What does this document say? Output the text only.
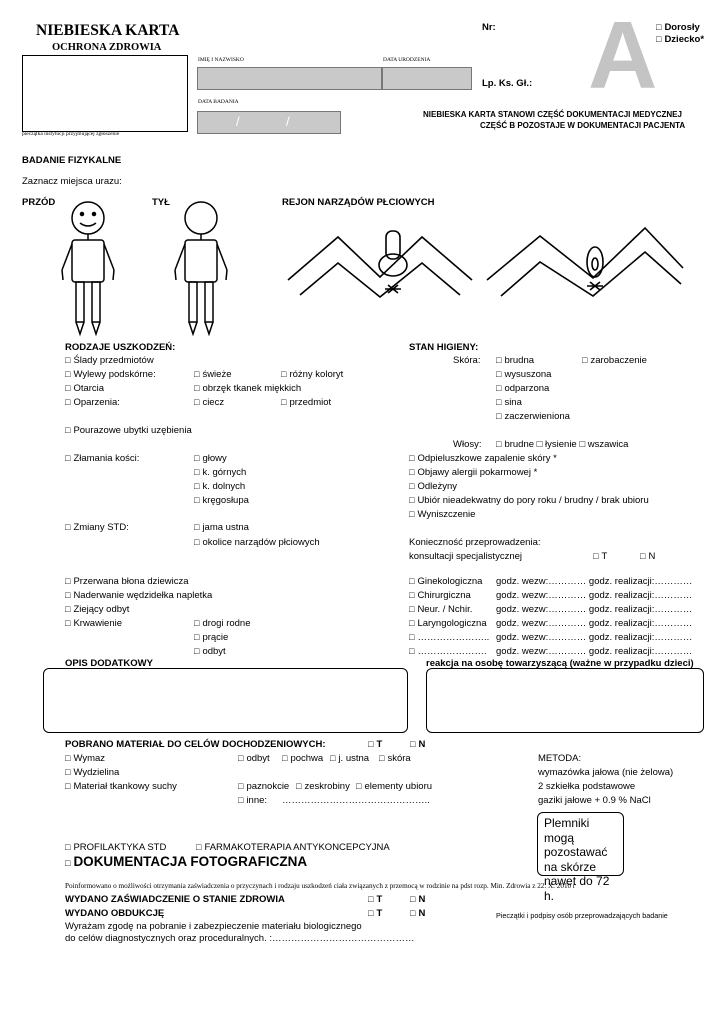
NIEBIESKA KARTA
OCHRONA ZDROWIA
pieczątka instytucji przyjmującej zgłoszenie
IMIĘ I NAZWISKO	DATA URODZENIA
DATA BADANIA
/	/
Nr: A □ Dorosły
□ Dziecko*
Lp. Ks. Gł.:
NIEBIESKA KARTA STANOWI CZĘŚĆ DOKUMENTACJI MEDYCZNEJ
CZĘŚĆ B POZOSTAJE W DOKUMENTACJI PACJENTA
BADANIE FIZYKALNE
Zaznacz miejsca urazu:
PRZÓD	TYŁ	REJON NARZĄDÓW PŁCIOWYCH
RODZAJE USZKODZEŃ:
□ Ślady przedmiotów
□ Wylewy podskórne:	□ świeże	□ różny koloryt
□ Otarcia	□ obrzęk tkanek miękkich
□ Oparzenia:	□ ciecz	□ przedmiot
□ Pourazowe ubytki uzębienia
□ Złamania kości:	□ głowy
□ k. górnych
□ k. dolnych
□ kręgosłupa
□ Zmiany STD:	□ jama ustna
□ okolice narządów płciowych
□ Przerwana błona dziewicza
□ Naderwanie wędzidełka napletka
□ Ziejący odbyt
□ Krwawienie	□ drogi rodne
□ prącie
□ odbyt
STAN HIGIENY:
Skóra:	□ brudna	□ zarobaczenie
□ wysuszona
□ odparzona
□ sina
□ zaczerwieniona
Włosy:	□ brudne □ łysienie □ wszawica
□ Odpieluszkowe zapalenie skóry *
□ Objawy alergii pokarmowej *
□ Odleżyny
□ Ubiór nieadekwatny do pory roku / brudny / brak ubioru
□ Wyniszczenie
Konieczność przeprowadzenia:
konsultacji specjalistycznej	□ T	□ N
□ Ginekologiczna godz. wezw:………… godz. realizacji:…………
□ Chirurgiczna	godz. wezw:………… godz. realizacji:…………
□ Neur. / Nchir. godz. wezw:………… godz. realizacji:…………
□ Laryngologiczna godz. wezw:………… godz. realizacji:…………
□ ………………….. godz. wezw:………… godz. realizacji:…………
□ …………………. godz. wezw:………… godz. realizacji:…………
OPIS DODATKOWY	reakcja na osobę towarzyszącą (ważne w przypadku dzieci)
POBRANO MATERIAŁ DO CELÓW DOCHODZENIOWYCH:	□ T	□ N
□ Wymaz	□ odbyt	□ pochwa	□ j. ustna	□ skóra
□ Wydzielina
□ Materiał tkankowy suchy	□ paznokcie	□ zeskrobiny	□ elementy ubioru
□ inne: ………………………………………..
METODA:
wymazówka jałowa (nie żelowa)
2 szkiełka podstawowe
gaziki jałowe + 0.9 % NaCl
Plemniki mogą pozostawać na skórze nawet do 72 h.
□ PROFILAKTYKA STD	□ FARMAKOTERAPIA ANTYKONCEPCYJNA
□ DOKUMENTACJA FOTOGRAFICZNA
Poinformowano o możliwości otrzymania zaświadczenia o przyczynach i rodzaju uszkodzeń ciała związanych z przemocą w rodzinie na pdst rozp. Min. Zdrowia z 22. X. 2010 r
WYDANO ZAŚWIADCZENIE O STANIE ZDROWIA	□ T	□ N
WYDANO OBDUKCJĘ	□ T	□ N	Pieczątki i podpisy osób przeprowadzających badanie
Wyrażam zgodę na pobranie i zabezpieczenie materiału biologicznego
do celów diagnostycznych oraz proceduralnych. :………………………………………
